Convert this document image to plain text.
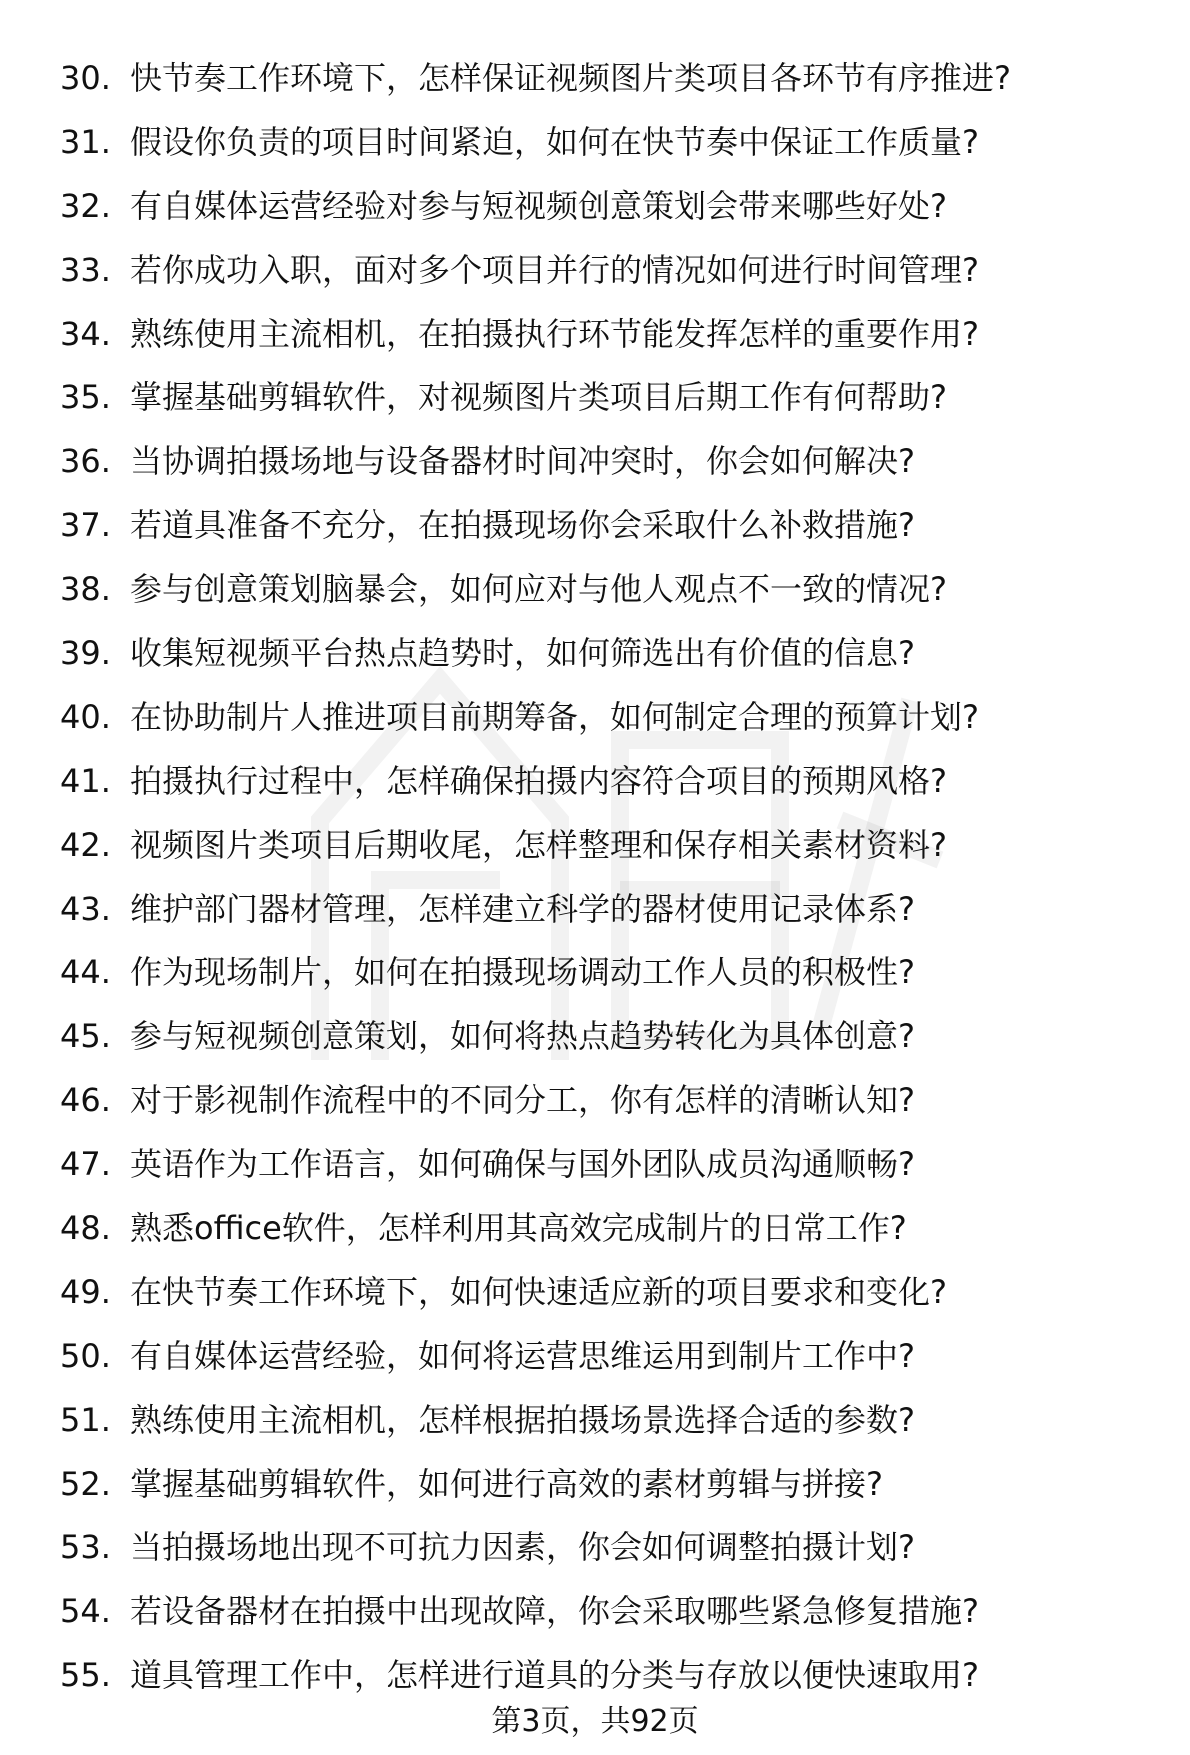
30. 快节奏工作环境下，怎样保证视频图片类项目各环节有序推进?
31. 假设你负责的项目时间紧迫，如何在快节奏中保证工作质量?
32. 有自媒体运营经验对参与短视频创意策划会带来哪些好处?
33. 若你成功入职，面对多个项目并行的情况如何进行时间管理?
34. 熟练使用主流相机，在拍摄执行环节能发挥怎样的重要作用?
35. 掌握基础剪辑软件，对视频图片类项目后期工作有何帮助?
36. 当协调拍摄场地与设备器材时间冲突时，你会如何解决?
37. 若道具准备不充分，在拍摄现场你会采取什么补救措施?
38. 参与创意策划脑暴会，如何应对与他人观点不一致的情况?
39. 收集短视频平台热点趋势时，如何筛选出有价值的信息?
40. 在协助制片人推进项目前期筹备，如何制定合理的预算计划?
41. 拍摄执行过程中，怎样确保拍摄内容符合项目的预期风格?
42. 视频图片类项目后期收尾，怎样整理和保存相关素材资料?
43. 维护部门器材管理，怎样建立科学的器材使用记录体系?
44. 作为现场制片，如何在拍摄现场调动工作人员的积极性?
45. 参与短视频创意策划，如何将热点趋势转化为具体创意?
46. 对于影视制作流程中的不同分工，你有怎样的清晰认知?
47. 英语作为工作语言，如何确保与国外团队成员沟通顺畅?
48. 熟悉office软件，怎样利用其高效完成制片的日常工作?
49. 在快节奏工作环境下，如何快速适应新的项目要求和变化?
50. 有自媒体运营经验，如何将运营思维运用到制片工作中?
51. 熟练使用主流相机，怎样根据拍摄场景选择合适的参数?
52. 掌握基础剪辑软件，如何进行高效的素材剪辑与拼接?
53. 当拍摄场地出现不可抗力因素，你会如何调整拍摄计划?
54. 若设备器材在拍摄中出现故障，你会采取哪些紧急修复措施?
55. 道具管理工作中，怎样进行道具的分类与存放以便快速取用?
第3页，共92页
